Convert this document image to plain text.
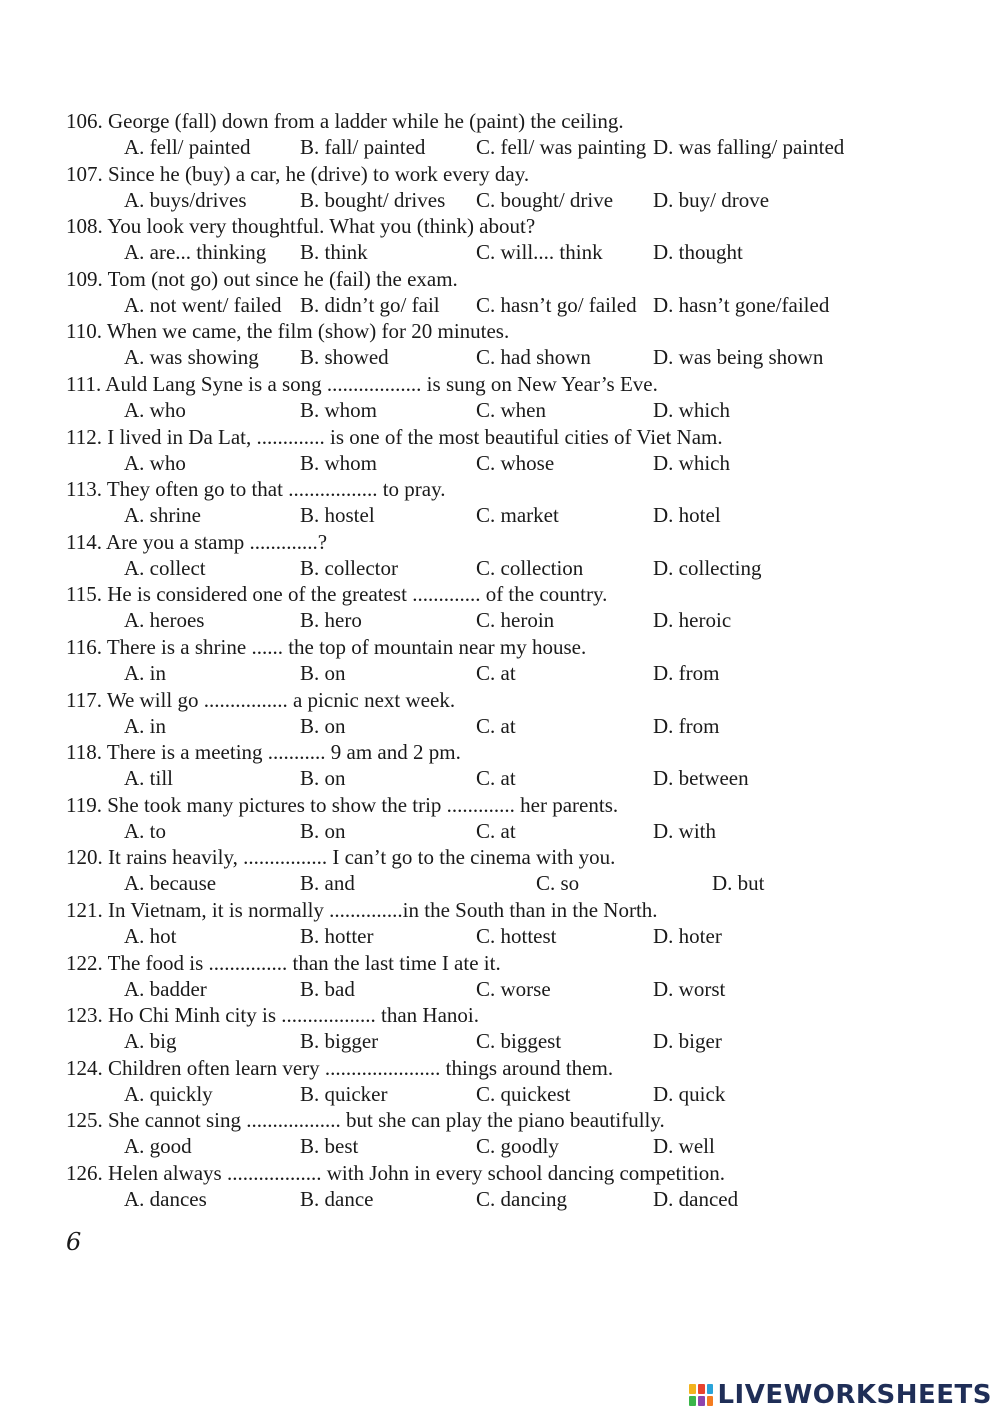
106. George (fall) down from a ladder while he (paint) the ceiling.
A. fell/ painted B. fall/ painted C. fell/ was painting D. was falling/ painted
107. Since he (buy) a car, he (drive) to work every day.
A. buys/drives	B. bought/ drives C. bought/ drive D. buy/ drove
108. You look very thoughtful. What you (think) about?
A. are... thinking B. think	C. will.... think D. thought
109. Tom (not go) out since he (fail) the exam.
A. not went/ failed B. didn’t go/ fail C. hasn’t go/ failed D. hasn’t gone/failed
110. When we came, the film (show) for 20 minutes.
A. was showing B. showed	C. had shown	D. was being shown
111. Auld Lang Syne is a song .................. is sung on New Year’s Eve.
A. who	B. whom	C. when	D. which
112. I lived in Da Lat, ............. is one of the most beautiful cities of Viet Nam.
A. who	B. whom	C. whose	D. which
113. They often go to that ................. to pray.
A. shrine	B. hostel	C. market	D. hotel
114. Are you a stamp .............?
A. collect	B. collector	C. collection	D. collecting
115. He is considered one of the greatest ............. of the country.
A. heroes	B. hero	C. heroin	D. heroic
116. There is a shrine ...... the top of mountain near my house.
A. in	B. on	C. at	D. from
117. We will go ................ a picnic next week.
A. in	B. on	C. at	D. from
118. There is a meeting ........... 9 am and 2 pm.
A. till	B. on	C. at	D. between
119. She took many pictures to show the trip ............. her parents.
A. to	B. on	C. at	D. with
120. It rains heavily, ................ I can’t go to the cinema with you.
A. because	B. and	C. so	D. but
121. In Vietnam, it is normally ..............in the South than in the North.
A. hot	B. hotter	C. hottest	D. hoter
122. The food is ............... than the last time I ate it.
A. badder	B. bad	C. worse	D. worst
123. Ho Chi Minh city is .................. than Hanoi.
A. big	B. bigger	C. biggest	D. biger
124. Children often learn very ...................... things around them.
A. quickly	B. quicker	C. quickest	D. quick
125. She cannot sing .................. but she can play the piano beautifully.
A. good	B. best	C. goodly	D. well
126. Helen always .................. with John in every school dancing competition.
A. dances	B. dance	C. dancing	D. danced
6
LIVEWORKSHEETS
